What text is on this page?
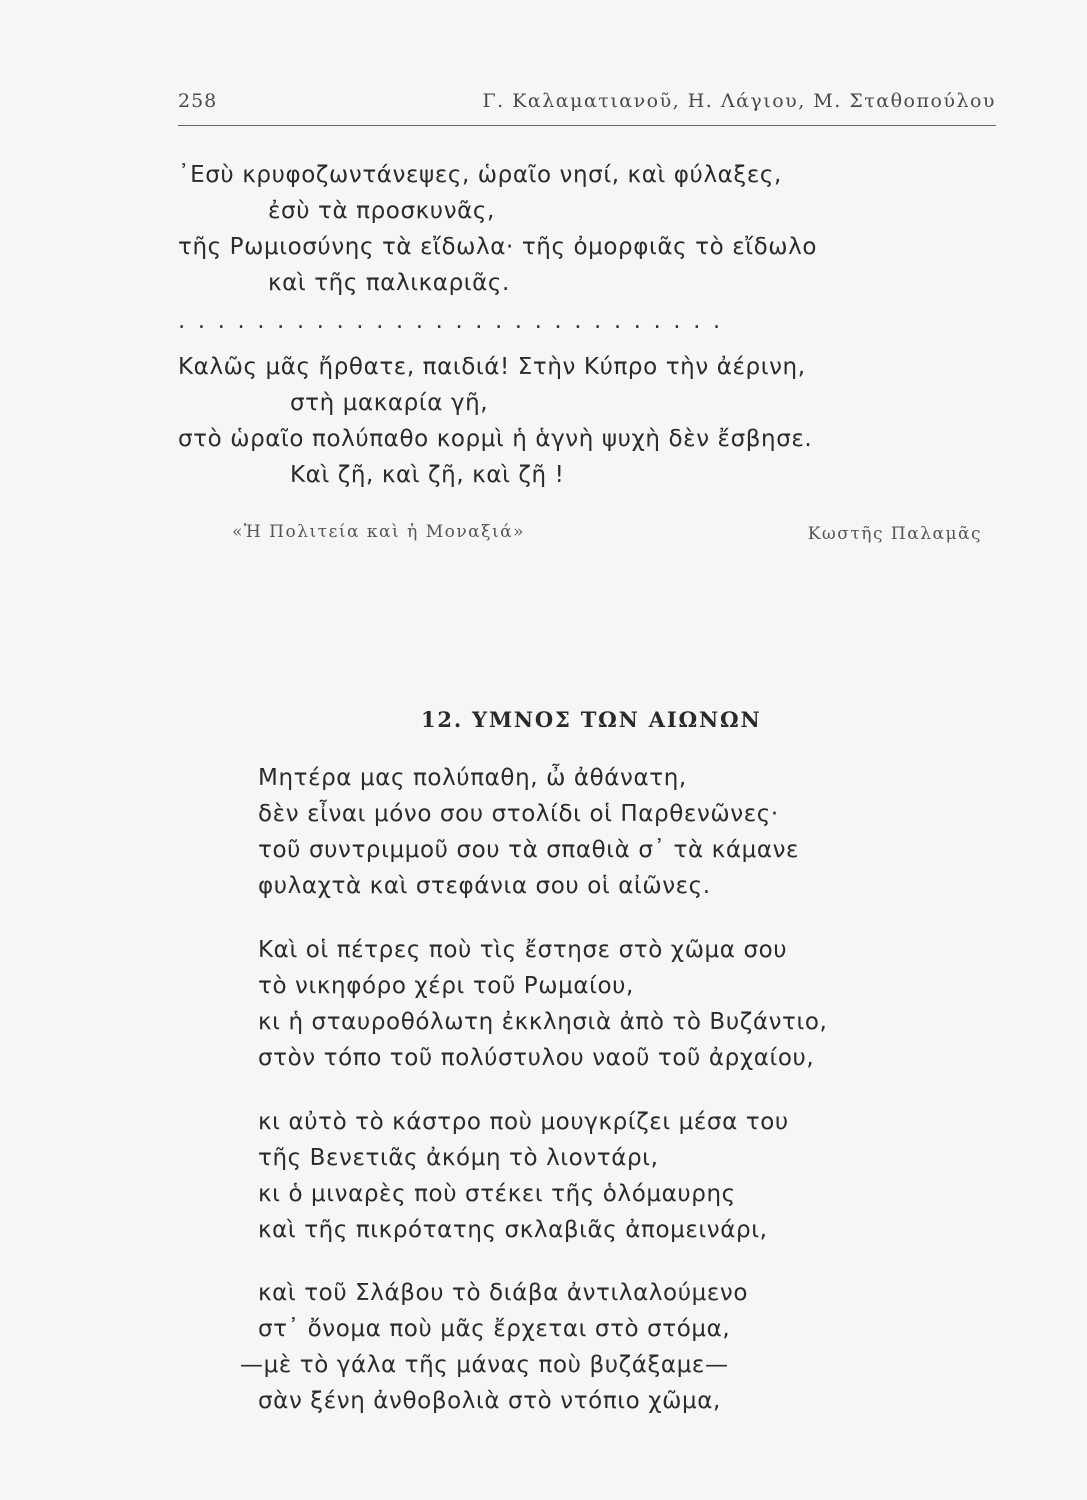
258	Γ. Καλαματιανοῦ, Η. Λάγιου, Μ. Σταθοπούλου
᾽Εσὺ κρυφοζωντάνεψες, ὡραῖο νησί, καὶ φύλαξες,
ἐσὺ τὰ προσκυνᾶς,
τῆς Ρωμιοσύνης τὰ εἴδωλα· τῆς ὀμορφιᾶς τὸ εἴδωλο
καὶ τῆς παλικαριᾶς.
............................
Καλῶς μᾶς ἤρθατε, παιδιά! Στὴν Κύπρο τὴν ἀέρινη,
στὴ μακαρία γῆ,
στὸ ὡραῖο πολύπαθο κορμὶ ἡ ἁγνὴ ψυχὴ δὲν ἔσβησε.
Καὶ ζῆ, καὶ ζῆ, καὶ ζῆ !
«Ἡ Πολιτεία καὶ ἡ Μοναξιά»	Κωστῆς Παλαμᾶς
12. ΥΜΝΟΣ ΤΩΝ ΑΙΩΝΩΝ
Μητέρα μας πολύπαθη, ὦ ἀθάνατη,
δὲν εἶναι μόνο σου στολίδι οἱ Παρθενῶνες·
τοῦ συντριμμοῦ σου τὰ σπαθιὰ σ᾽ τὰ κάμανε
φυλαχτὰ καὶ στεφάνια σου οἱ αἰῶνες.
Καὶ οἱ πέτρες ποὺ τὶς ἔστησε στὸ χῶμα σου
τὸ νικηφόρο χέρι τοῦ Ρωμαίου,
κι ἡ σταυροθόλωτη ἐκκλησιὰ ἀπὸ τὸ Βυζάντιο,
στὸν τόπο τοῦ πολύστυλου ναοῦ τοῦ ἀρχαίου,
κι αὐτὸ τὸ κάστρο ποὺ μουγκρίζει μέσα του
τῆς Βενετιᾶς ἀκόμη τὸ λιοντάρι,
κι ὁ μιναρὲς ποὺ στέκει τῆς ὁλόμαυρης
καὶ τῆς πικρότατης σκλαβιᾶς ἀπομεινάρι,
καὶ τοῦ Σλάβου τὸ διάβα ἀντιλαλούμενο
στ᾽ ὄνομα ποὺ μᾶς ἔρχεται στὸ στόμα,
—μὲ τὸ γάλα τῆς μάνας ποὺ βυζάξαμε—
σὰν ξένη ἀνθοβολιὰ στὸ ντόπιο χῶμα,
